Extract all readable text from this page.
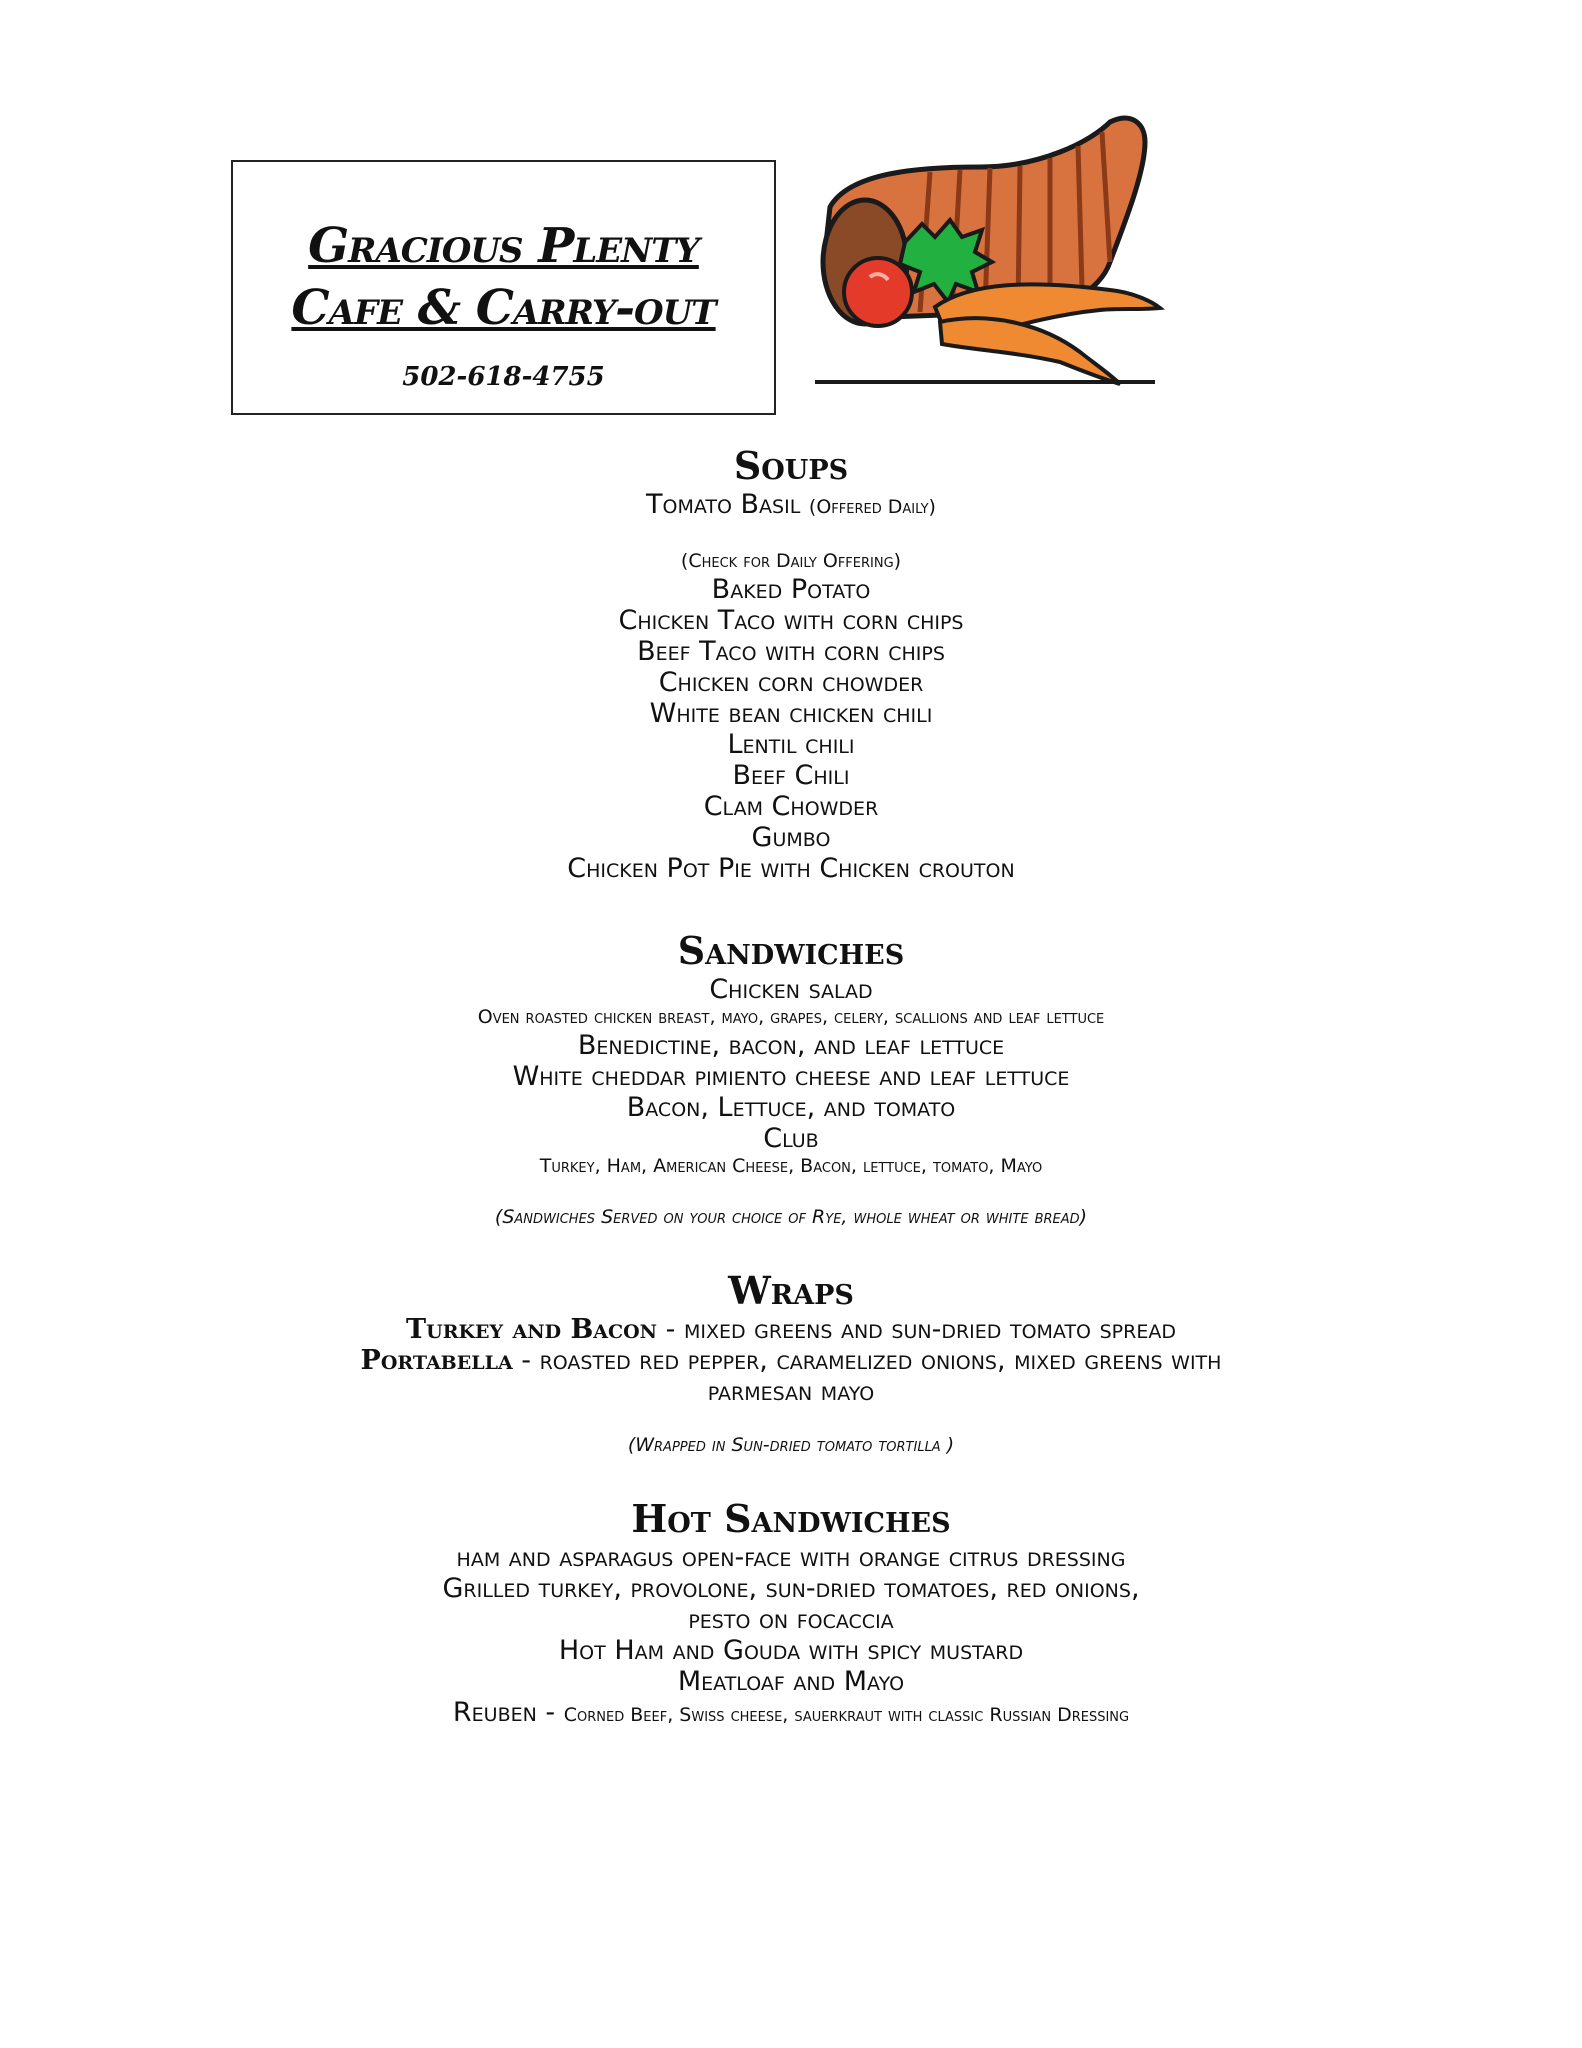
Gracious Plenty
Cafe & Carry-out
502-618-4755

Soups

Tomato Basil (Offered Daily)

(Check for Daily Offering)

Baked Potato

Chicken Taco with corn chips

Beef Taco with corn chips

Chicken corn chowder

White bean chicken chili

Lentil chili

Beef Chili

Clam Chowder

Gumbo

Chicken Pot Pie with Chicken crouton

Sandwiches

Chicken salad

Oven roasted chicken breast, mayo, grapes, celery, scallions and leaf lettuce

Benedictine, bacon, and leaf lettuce

White cheddar pimiento cheese and leaf lettuce

Bacon, Lettuce, and tomato

Club

Turkey, Ham, American Cheese, Bacon, lettuce, tomato, Mayo

(Sandwiches Served on your choice of Rye, whole wheat or white bread)

Wraps

Turkey and Bacon - mixed greens and sun-dried tomato spread

Portabella - roasted red pepper, caramelized onions, mixed greens with

parmesan mayo

(Wrapped in Sun-dried tomato tortilla )

Hot Sandwiches

ham and asparagus open-face with orange citrus dressing

Grilled turkey, provolone, sun-dried tomatoes, red onions,

pesto on focaccia

Hot Ham and Gouda with spicy mustard

Meatloaf and Mayo

Reuben - Corned Beef, Swiss cheese, sauerkraut with classic Russian Dressing
